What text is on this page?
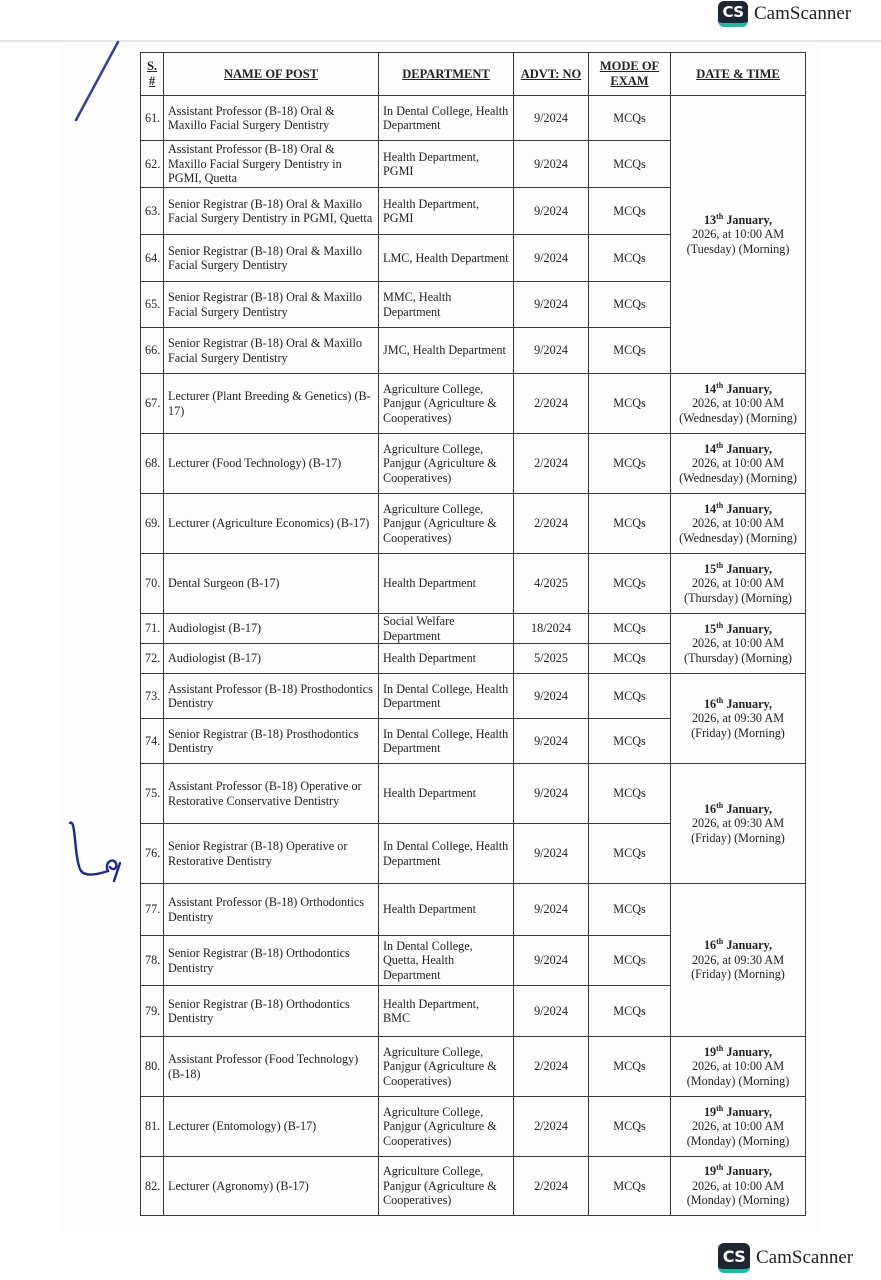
CS CamScanner
S. #	NAME OF POST	DEPARTMENT	ADVT: NO	MODE OF EXAM	DATE & TIME
61.	Assistant Professor (B-18) Oral & Maxillo Facial Surgery Dentistry	In Dental College, Health Department	9/2024	MCQs	13th January,
2026, at 10:00 AM (Tuesday) (Morning)
62.	Assistant Professor (B-18) Oral & Maxillo Facial Surgery Dentistry in PGMI, Quetta	Health Department, PGMI	9/2024	MCQs	
63.	Senior Registrar (B-18) Oral & Maxillo Facial Surgery Dentistry in PGMI, Quetta	Health Department, PGMI	9/2024	MCQs	
64.	Senior Registrar (B-18) Oral & Maxillo Facial Surgery Dentistry	LMC, Health Department	9/2024	MCQs	
65.	Senior Registrar (B-18) Oral & Maxillo Facial Surgery Dentistry	MMC, Health Department	9/2024	MCQs	
66.	Senior Registrar (B-18) Oral & Maxillo Facial Surgery Dentistry	JMC, Health Department	9/2024	MCQs	
67.	Lecturer (Plant Breeding & Genetics) (B-17)	Agriculture College, Panjgur (Agriculture & Cooperatives)	2/2024	MCQs	14th January,
2026, at 10:00 AM (Wednesday) (Morning)
68.	Lecturer (Food Technology) (B-17)	Agriculture College, Panjgur (Agriculture & Cooperatives)	2/2024	MCQs	14th January,
2026, at 10:00 AM (Wednesday) (Morning)
69.	Lecturer (Agriculture Economics) (B-17)	Agriculture College, Panjgur (Agriculture & Cooperatives)	2/2024	MCQs	14th January,
2026, at 10:00 AM (Wednesday) (Morning)
70.	Dental Surgeon (B-17)	Health Department	4/2025	MCQs	15th January,
2026, at 10:00 AM (Thursday) (Morning)
71.	Audiologist (B-17)	Social Welfare Department	18/2024	MCQs	15th January,
2026, at 10:00 AM (Thursday) (Morning)
72.	Audiologist (B-17)	Health Department	5/2025	MCQs	
73.	Assistant Professor (B-18) Prosthodontics Dentistry	In Dental College, Health Department	9/2024	MCQs	16th January,
2026, at 09:30 AM (Friday) (Morning)
74.	Senior Registrar (B-18) Prosthodontics Dentistry	In Dental College, Health Department	9/2024	MCQs	
75.	Assistant Professor (B-18) Operative or Restorative Conservative Dentistry	Health Department	9/2024	MCQs	16th January,
2026, at 09:30 AM (Friday) (Morning)
76.	Senior Registrar (B-18) Operative or Restorative Dentistry	In Dental College, Health Department	9/2024	MCQs	
77.	Assistant Professor (B-18) Orthodontics Dentistry	Health Department	9/2024	MCQs	16th January,
2026, at 09:30 AM (Friday) (Morning)
78.	Senior Registrar (B-18) Orthodontics Dentistry	In Dental College, Quetta, Health Department	9/2024	MCQs	
79.	Senior Registrar (B-18) Orthodontics Dentistry	Health Department, BMC	9/2024	MCQs	
80.	Assistant Professor (Food Technology) (B-18)	Agriculture College, Panjgur (Agriculture & Cooperatives)	2/2024	MCQs	19th January,
2026, at 10:00 AM (Monday) (Morning)
81.	Lecturer (Entomology) (B-17)	Agriculture College, Panjgur (Agriculture & Cooperatives)	2/2024	MCQs	19th January,
2026, at 10:00 AM (Monday) (Morning)
82.	Lecturer (Agronomy) (B-17)	Agriculture College, Panjgur (Agriculture & Cooperatives)	2/2024	MCQs	19th January,
2026, at 10:00 AM (Monday) (Morning)
CS CamScanner
